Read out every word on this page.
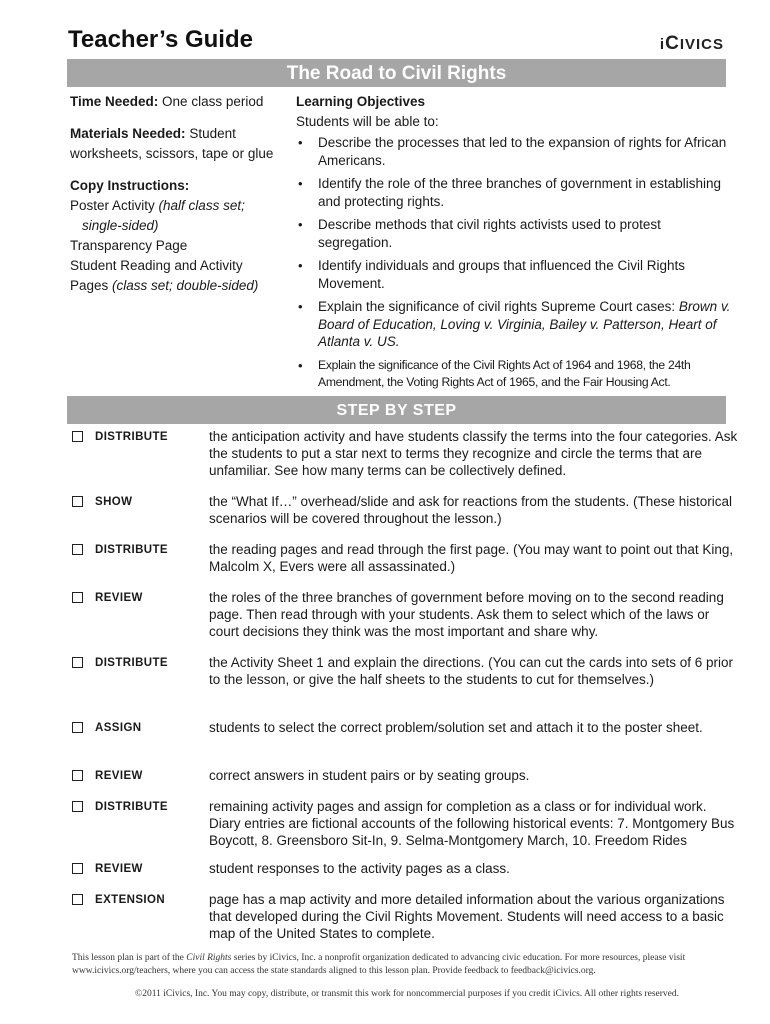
Teacher’s Guide	iCIVICS
The Road to Civil Rights
Time Needed: One class period
Materials Needed: Student
worksheets, scissors, tape or glue
Copy Instructions:
Poster Activity (half class set;
single-sided)
Transparency Page
Student Reading and Activity
Pages (class set; double-sided)
Learning Objectives
Students will be able to:
• Describe the processes that led to the expansion of rights for African Americans.
• Identify the role of the three branches of government in establishing and protecting rights.
• Describe methods that civil rights activists used to protest segregation.
• Identify individuals and groups that influenced the Civil Rights Movement.
• Explain the significance of civil rights Supreme Court cases: Brown v. Board of Education, Loving v. Virginia, Bailey v. Patterson, Heart of Atlanta v. US.
• Explain the significance of the Civil Rights Act of 1964 and 1968, the 24th Amendment, the Voting Rights Act of 1965, and the Fair Housing Act.
STEP BY STEP
DISTRIBUTE	the anticipation activity and have students classify the terms into the four categories. Ask the students to put a star next to terms they recognize and circle the terms that are unfamiliar. See how many terms can be collectively defined.
SHOW	the “What If…” overhead/slide and ask for reactions from the students. (These historical scenarios will be covered throughout the lesson.)
DISTRIBUTE	the reading pages and read through the first page. (You may want to point out that King, Malcolm X, Evers were all assassinated.)
REVIEW	the roles of the three branches of government before moving on to the second reading page. Then read through with your students. Ask them to select which of the laws or court decisions they think was the most important and share why.
DISTRIBUTE	the Activity Sheet 1 and explain the directions. (You can cut the cards into sets of 6 prior to the lesson, or give the half sheets to the students to cut for themselves.)
ASSIGN	students to select the correct problem/solution set and attach it to the poster sheet.
REVIEW	correct answers in student pairs or by seating groups.
DISTRIBUTE	remaining activity pages and assign for completion as a class or for individual work. Diary entries are fictional accounts of the following historical events: 7. Montgomery Bus Boycott, 8. Greensboro Sit-In, 9. Selma-Montgomery March, 10. Freedom Rides
REVIEW	student responses to the activity pages as a class.
EXTENSION	page has a map activity and more detailed information about the various organizations that developed during the Civil Rights Movement. Students will need access to a basic map of the United States to complete.
This lesson plan is part of the Civil Rights series by iCivics, Inc. a nonprofit organization dedicated to advancing civic education. For more resources, please visit www.icivics.org/teachers, where you can access the state standards aligned to this lesson plan. Provide feedback to feedback@icivics.org.
©2011 iCivics, Inc. You may copy, distribute, or transmit this work for noncommercial purposes if you credit iCivics. All other rights reserved.
